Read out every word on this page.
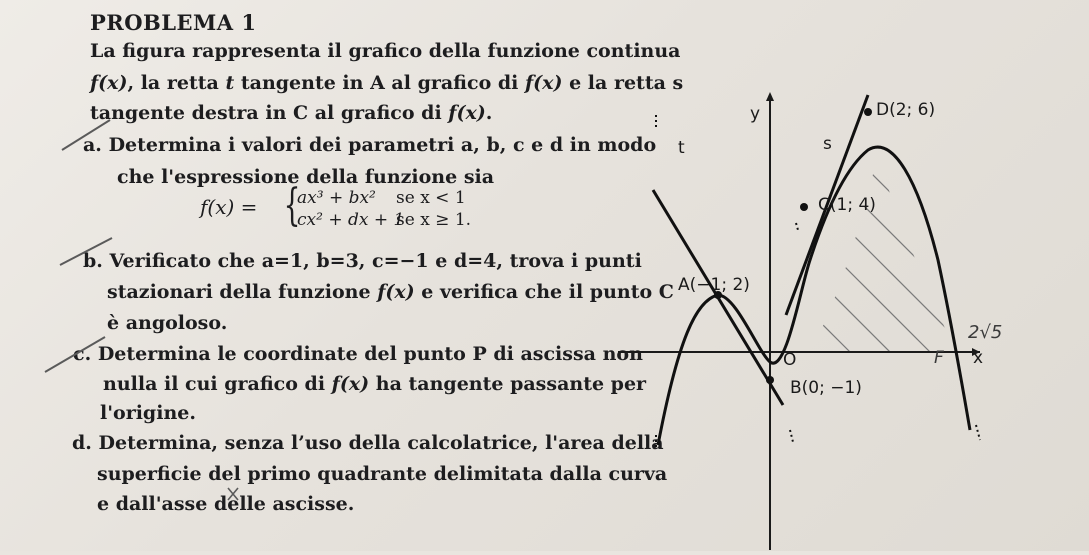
PROBLEMA 1
La figura rappresenta il grafico della funzione continua
f(x), la retta t tangente in A al grafico di f(x) e la retta s
tangente destra in C al grafico di f(x).
a. Determina i valori dei parametri a, b, c e d in modo
che l'espressione della funzione sia
f(x) = {
ax³ + bx² se x < 1
cx² + dx + 1
se x ≥ 1.
b. Verificato che a=1, b=3, c=−1 e d=4, trova i punti
stazionari della funzione f(x) e verifica che il punto C
è angoloso.
c. Determina le coordinate del punto P di ascissa non
nulla il cui grafico di f(x) ha tangente passante per
l'origine.
d. Determina, senza l’uso della calcolatrice, l'area della
superficie del primo quadrante delimitata dalla curva
e dall'asse delle ascisse.
y
x
O
A(−1; 2)
B(0; −1)
C(1; 4)
D(2; 6)
t	s
2√5
F
